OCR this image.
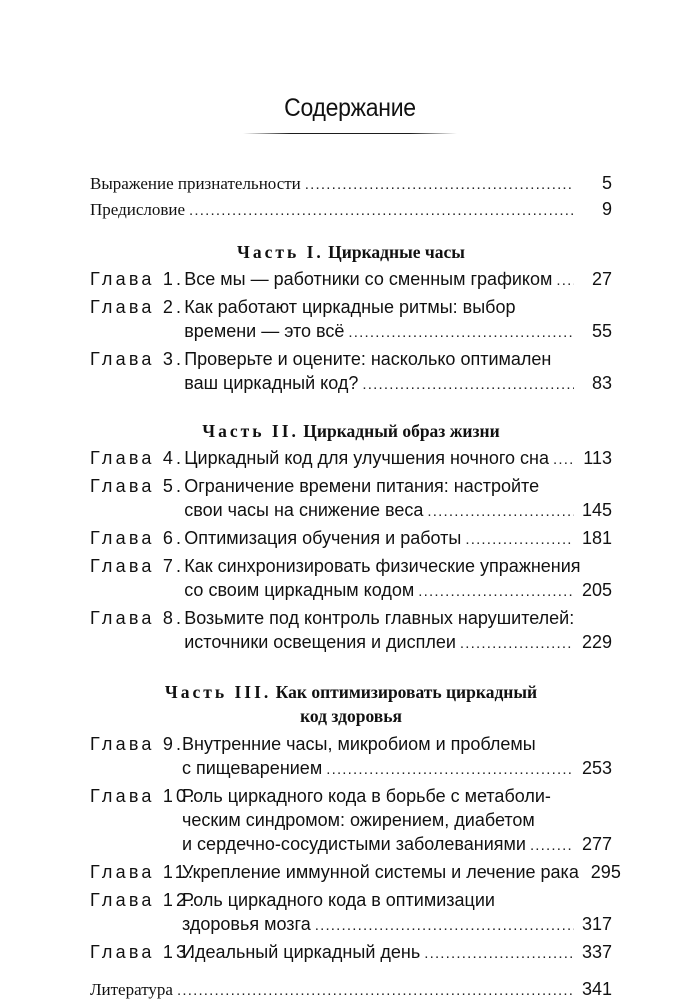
Содержание
Выражение признательности .....	5
Предисловие .....	9
Часть I. Циркадные часы
Глава 1. Все мы — работники со сменным графиком .....	27
Глава 2. Как работают циркадные ритмы: выбор
времени — это всё .....	55
Глава 3. Проверьте и оцените: насколько оптимален
ваш циркадный код? .....	83
Часть II. Циркадный образ жизни
Глава 4. Циркадный код для улучшения ночного сна ..... 113
Глава 5. Ограничение времени питания: настройте
свои часы на снижение веса .....	145
Глава 6. Оптимизация обучения и работы .....	181
Глава 7. Как синхронизировать физические упражнения
со своим циркадным кодом .....	205
Глава 8. Возьмите под контроль главных нарушителей:
источники освещения и дисплеи .....	229
Часть III. Как оптимизировать циркадный
код здоровья
Глава 9.
Внутренние часы, микробиом и проблемы
с пищеварением .....	253
Глава 10.
Роль циркадного кода в борьбе с метаболи-
ческим синдромом: ожирением, диабетом
и сердечно-сосудистыми заболеваниями .....	277
Глава 11.
Укрепление иммунной системы и лечение рака 295
Глава 12.
Роль циркадного кода в оптимизации
здоровья мозга .....	317
Глава 13.
Идеальный циркадный день .....	337
Литература .....	341
